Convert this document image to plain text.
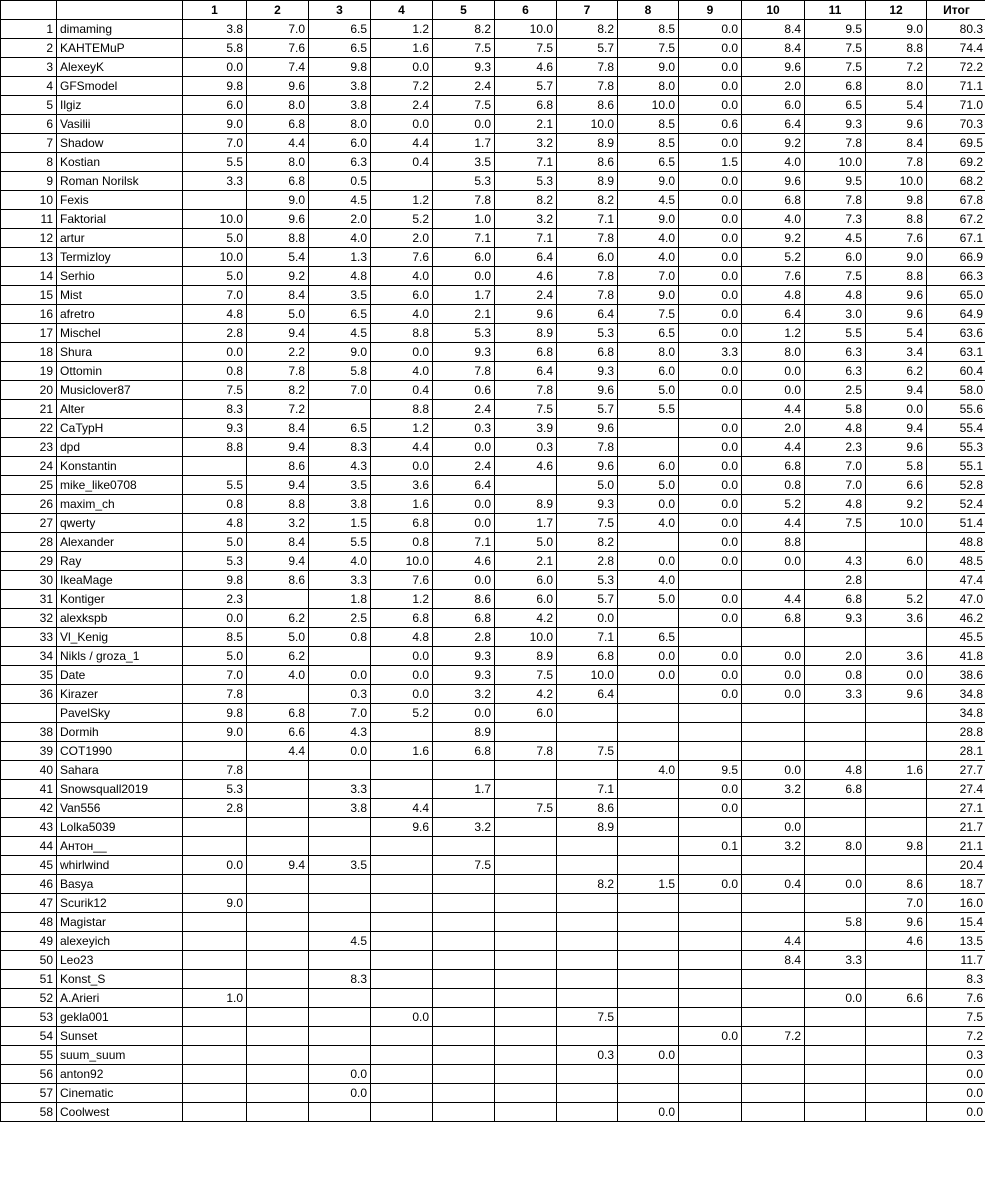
		1	2	3	4	5	6	7	8	9	10	11	12	Итог
1	dimaming	3.8	7.0	6.5	1.2	8.2	10.0	8.2	8.5	0.0	8.4	9.5	9.0	80.3
2	KAHTEMuP	5.8	7.6	6.5	1.6	7.5	7.5	5.7	7.5	0.0	8.4	7.5	8.8	74.4
3	AlexeyK	0.0	7.4	9.8	0.0	9.3	4.6	7.8	9.0	0.0	9.6	7.5	7.2	72.2
4	GFSmodel	9.8	9.6	3.8	7.2	2.4	5.7	7.8	8.0	0.0	2.0	6.8	8.0	71.1
5	Ilgiz	6.0	8.0	3.8	2.4	7.5	6.8	8.6	10.0	0.0	6.0	6.5	5.4	71.0
6	Vasilii	9.0	6.8	8.0	0.0	0.0	2.1	10.0	8.5	0.6	6.4	9.3	9.6	70.3
7	Shadow	7.0	4.4	6.0	4.4	1.7	3.2	8.9	8.5	0.0	9.2	7.8	8.4	69.5
8	Kostian	5.5	8.0	6.3	0.4	3.5	7.1	8.6	6.5	1.5	4.0	10.0	7.8	69.2
9	Roman Norilsk	3.3	6.8	0.5		5.3	5.3	8.9	9.0	0.0	9.6	9.5	10.0	68.2
10	Fexis		9.0	4.5	1.2	7.8	8.2	8.2	4.5	0.0	6.8	7.8	9.8	67.8
11	Faktorial	10.0	9.6	2.0	5.2	1.0	3.2	7.1	9.0	0.0	4.0	7.3	8.8	67.2
12	artur	5.0	8.8	4.0	2.0	7.1	7.1	7.8	4.0	0.0	9.2	4.5	7.6	67.1
13	Termizloy	10.0	5.4	1.3	7.6	6.0	6.4	6.0	4.0	0.0	5.2	6.0	9.0	66.9
14	Serhio	5.0	9.2	4.8	4.0	0.0	4.6	7.8	7.0	0.0	7.6	7.5	8.8	66.3
15	Mist	7.0	8.4	3.5	6.0	1.7	2.4	7.8	9.0	0.0	4.8	4.8	9.6	65.0
16	afretro	4.8	5.0	6.5	4.0	2.1	9.6	6.4	7.5	0.0	6.4	3.0	9.6	64.9
17	Mischel	2.8	9.4	4.5	8.8	5.3	8.9	5.3	6.5	0.0	1.2	5.5	5.4	63.6
18	Shura	0.0	2.2	9.0	0.0	9.3	6.8	6.8	8.0	3.3	8.0	6.3	3.4	63.1
19	Ottomin	0.8	7.8	5.8	4.0	7.8	6.4	9.3	6.0	0.0	0.0	6.3	6.2	60.4
20	Musiclover87	7.5	8.2	7.0	0.4	0.6	7.8	9.6	5.0	0.0	0.0	2.5	9.4	58.0
21	Alter	8.3	7.2		8.8	2.4	7.5	5.7	5.5		4.4	5.8	0.0	55.6
22	CaTypH	9.3	8.4	6.5	1.2	0.3	3.9	9.6		0.0	2.0	4.8	9.4	55.4
23	dpd	8.8	9.4	8.3	4.4	0.0	0.3	7.8		0.0	4.4	2.3	9.6	55.3
24	Konstantin		8.6	4.3	0.0	2.4	4.6	9.6	6.0	0.0	6.8	7.0	5.8	55.1
25	mike_like0708	5.5	9.4	3.5	3.6	6.4		5.0	5.0	0.0	0.8	7.0	6.6	52.8
26	maxim_ch	0.8	8.8	3.8	1.6	0.0	8.9	9.3	0.0	0.0	5.2	4.8	9.2	52.4
27	qwerty	4.8	3.2	1.5	6.8	0.0	1.7	7.5	4.0	0.0	4.4	7.5	10.0	51.4
28	Alexander	5.0	8.4	5.5	0.8	7.1	5.0	8.2		0.0	8.8			48.8
29	Ray	5.3	9.4	4.0	10.0	4.6	2.1	2.8	0.0	0.0	0.0	4.3	6.0	48.5
30	IkeaMage	9.8	8.6	3.3	7.6	0.0	6.0	5.3	4.0			2.8		47.4
31	Kontiger	2.3		1.8	1.2	8.6	6.0	5.7	5.0	0.0	4.4	6.8	5.2	47.0
32	alexkspb	0.0	6.2	2.5	6.8	6.8	4.2	0.0		0.0	6.8	9.3	3.6	46.2
33	Vl_Kenig	8.5	5.0	0.8	4.8	2.8	10.0	7.1	6.5					45.5
34	Nikls / groza_1	5.0	6.2		0.0	9.3	8.9	6.8	0.0	0.0	0.0	2.0	3.6	41.8
35	Date	7.0	4.0	0.0	0.0	9.3	7.5	10.0	0.0	0.0	0.0	0.8	0.0	38.6
36	Kirazer	7.8		0.3	0.0	3.2	4.2	6.4		0.0	0.0	3.3	9.6	34.8
	PavelSky	9.8	6.8	7.0	5.2	0.0	6.0							34.8
38	Dormih	9.0	6.6	4.3		8.9								28.8
39	COT1990		4.4	0.0	1.6	6.8	7.8	7.5						28.1
40	Sahara	7.8							4.0	9.5	0.0	4.8	1.6	27.7
41	Snowsquall2019	5.3		3.3		1.7		7.1		0.0	3.2	6.8		27.4
42	Van556	2.8		3.8	4.4		7.5	8.6		0.0				27.1
43	Lolka5039				9.6	3.2		8.9			0.0			21.7
44	Антон__									0.1	3.2	8.0	9.8	21.1
45	whirlwind	0.0	9.4	3.5		7.5								20.4
46	Basya							8.2	1.5	0.0	0.4	0.0	8.6	18.7
47	Scurik12	9.0											7.0	16.0
48	Magistar											5.8	9.6	15.4
49	alexeyich			4.5							4.4		4.6	13.5
50	Leo23										8.4	3.3		11.7
51	Konst_S			8.3										8.3
52	A.Arieri	1.0										0.0	6.6	7.6
53	gekla001				0.0			7.5						7.5
54	Sunset									0.0	7.2			7.2
55	suum_suum							0.3	0.0					0.3
56	anton92			0.0										0.0
57	Cinematic			0.0										0.0
58	Coolwest								0.0					0.0
